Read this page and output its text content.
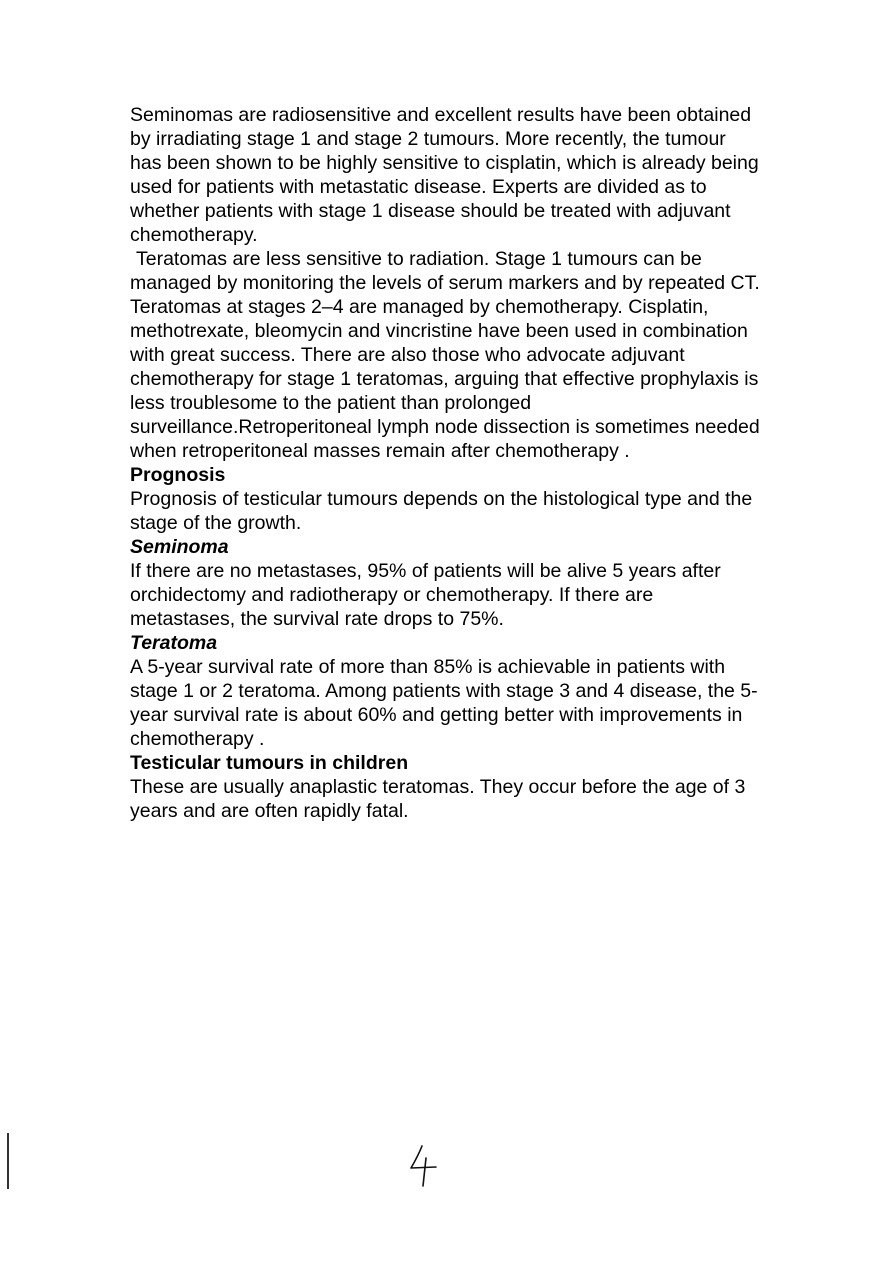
Seminomas are radiosensitive and excellent results have been obtained by irradiating stage 1 and stage 2 tumours. More recently, the tumour has been shown to be highly sensitive to cisplatin, which is already being used for patients with metastatic disease. Experts are divided as to whether patients with stage 1 disease should be treated with adjuvant chemotherapy.

Teratomas are less sensitive to radiation. Stage 1 tumours can be managed by monitoring the levels of serum markers and by repeated CT. Teratomas at stages 2–4 are managed by chemotherapy. Cisplatin, methotrexate, bleomycin and vincristine have been used in combination with great success. There are also those who advocate adjuvant chemotherapy for stage 1 teratomas, arguing that effective prophylaxis is less troublesome to the patient than prolonged surveillance.Retroperitoneal lymph node dissection is sometimes needed when retroperitoneal masses remain after chemotherapy .

Prognosis

Prognosis of testicular tumours depends on the histological type and the stage of the growth.

Seminoma

If there are no metastases, 95% of patients will be alive 5 years after orchidectomy and radiotherapy or chemotherapy. If there are metastases, the survival rate drops to 75%.

Teratoma

A 5-year survival rate of more than 85% is achievable in patients with stage 1 or 2 teratoma. Among patients with stage 3 and 4 disease, the 5-year survival rate is about 60% and getting better with improvements in chemotherapy .

Testicular tumours in children

These are usually anaplastic teratomas. They occur before the age of 3 years and are often rapidly fatal.
